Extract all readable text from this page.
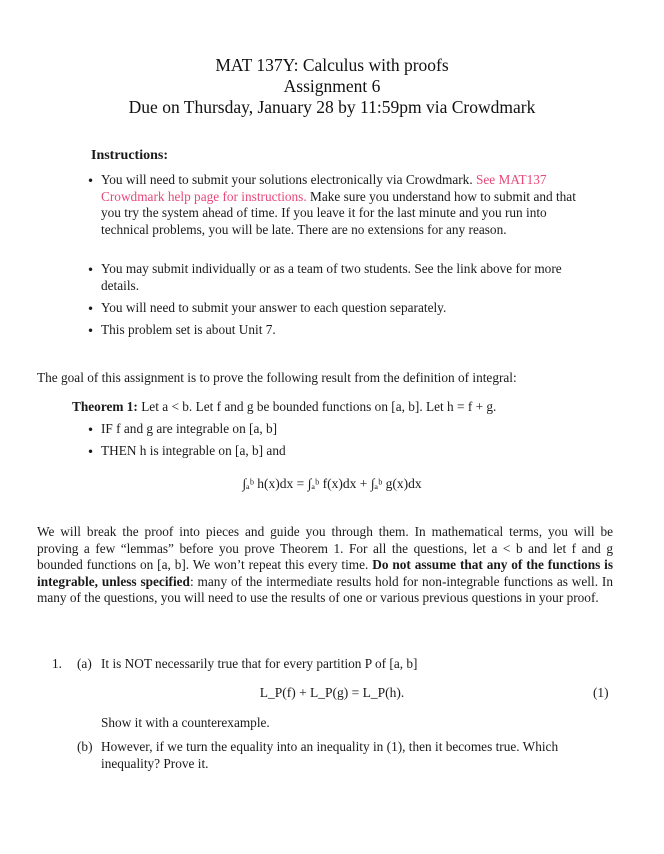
MAT 137Y: Calculus with proofs
Assignment 6
Due on Thursday, January 28 by 11:59pm via Crowdmark
Instructions:
• You will need to submit your solutions electronically via Crowdmark. See MAT137 Crowdmark help page for instructions. Make sure you understand how to submit and that you try the system ahead of time. If you leave it for the last minute and you run into technical problems, you will be late. There are no extensions for any reason.
• You may submit individually or as a team of two students. See the link above for more details.
• You will need to submit your answer to each question separately.
• This problem set is about Unit 7.
The goal of this assignment is to prove the following result from the definition of integral:
Theorem 1: Let a < b. Let f and g be bounded functions on [a, b]. Let h = f + g.
• IF f and g are integrable on [a, b]
• THEN h is integrable on [a, b] and
∫ₐᵇ h(x)dx = ∫ₐᵇ f(x)dx + ∫ₐᵇ g(x)dx
We will break the proof into pieces and guide you through them. In mathematical terms, you will be proving a few “lemmas” before you prove Theorem 1. For all the questions, let a < b and let f and g bounded functions on [a, b]. We won’t repeat this every time. Do not assume that any of the functions is integrable, unless specified: many of the intermediate results hold for non-integrable functions as well. In many of the questions, you will need to use the results of one or various previous questions in your proof.
1. (a) It is NOT necessarily true that for every partition P of [a, b]
L_P(f) + L_P(g) = L_P(h).	(1)
Show it with a counterexample.
(b) However, if we turn the equality into an inequality in (1), then it becomes true. Which inequality? Prove it.
